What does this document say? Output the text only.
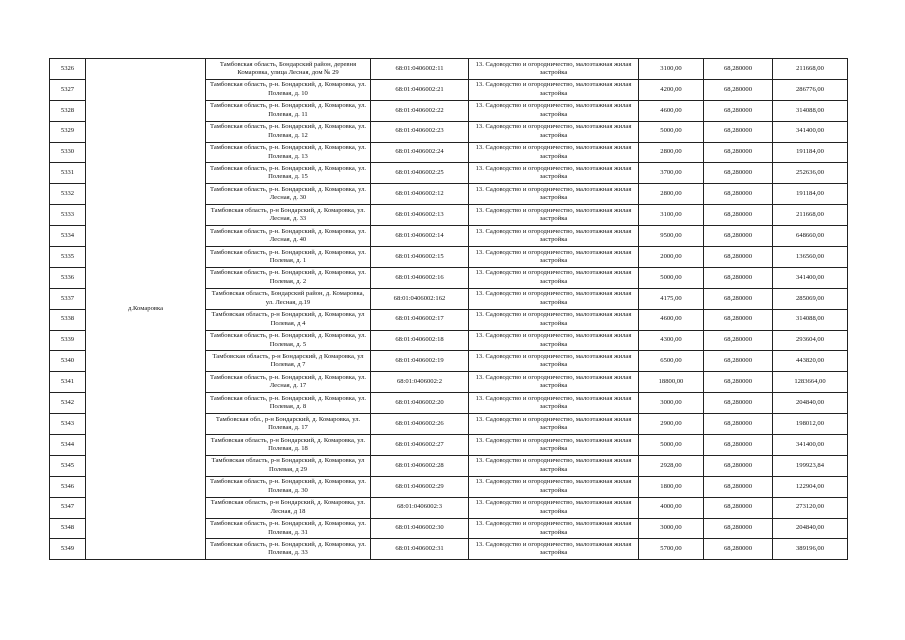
5326	д.Комаровка	Тамбовская область, Бондарский район, деревня Комаровка, улица Лесная, дом № 29	68:01:0406002:11	13. Садоводство и огородничество, малоэтажная жилая застройка	3100,00	68,280000	211668,00
5327		Тамбовская область, р-н. Бондарский, д. Комаровка, ул. Полевая, д. 10	68:01:0406002:21	13. Садоводство и огородничество, малоэтажная жилая застройка	4200,00	68,280000	286776,00
5328		Тамбовская область, р-н. Бондарский, д. Комаровка, ул. Полевая, д. 11	68:01:0406002:22	13. Садоводство и огородничество, малоэтажная жилая застройка	4600,00	68,280000	314088,00
5329		Тамбовская область, р-н. Бондарский, д. Комаровка, ул. Полевая, д. 12	68:01:0406002:23	13. Садоводство и огородничество, малоэтажная жилая застройка	5000,00	68,280000	341400,00
5330		Тамбовская область, р-н. Бондарский, д. Комаровка, ул. Полевая, д. 13	68:01:0406002:24	13. Садоводство и огородничество, малоэтажная жилая застройка	2800,00	68,280000	191184,00
5331		Тамбовская область, р-н. Бондарский, д. Комаровка, ул. Полевая, д. 15	68:01:0406002:25	13. Садоводство и огородничество, малоэтажная жилая застройка	3700,00	68,280000	252636,00
5332		Тамбовская область, р-н. Бондарский, д. Комаровка, ул. Лесная, д. 30	68:01:0406002:12	13. Садоводство и огородничество, малоэтажная жилая застройка	2800,00	68,280000	191184,00
5333		Тамбовская область, р-н Бондарский, д. Комаровка, ул. Лесная, д. 33	68:01:0406002:13	13. Садоводство и огородничество, малоэтажная жилая застройка	3100,00	68,280000	211668,00
5334		Тамбовская область, р-н. Бондарский, д. Комаровка, ул. Лесная, д. 40	68:01:0406002:14	13. Садоводство и огородничество, малоэтажная жилая застройка	9500,00	68,280000	648660,00
5335		Тамбовская область, р-н. Бондарский, д. Комаровка, ул. Полевая, д. 1	68:01:0406002:15	13. Садоводство и огородничество, малоэтажная жилая застройка	2000,00	68,280000	136560,00
5336		Тамбовская область, р-н. Бондарский, д. Комаровка, ул. Полевая, д. 2	68:01:0406002:16	13. Садоводство и огородничество, малоэтажная жилая застройка	5000,00	68,280000	341400,00
5337		Тамбовская область, Бондарский район, д. Комаровка, ул. Лесная, д.19	68:01:0406002:162	13. Садоводство и огородничество, малоэтажная жилая застройка	4175,00	68,280000	285069,00
5338		Тамбовская область, р-н Бондарский, д. Комаровка, ул Полевая, д 4	68:01:0406002:17	13. Садоводство и огородничество, малоэтажная жилая застройка	4600,00	68,280000	314088,00
5339		Тамбовская область, р-н. Бондарский, д. Комаровка, ул. Полевая, д. 5	68:01:0406002:18	13. Садоводство и огородничество, малоэтажная жилая застройка	4300,00	68,280000	293604,00
5340		Тамбовская область, р-н Бондарский, д Комаровка, ул Полевая, д 7	68:01:0406002:19	13. Садоводство и огородничество, малоэтажная жилая застройка	6500,00	68,280000	443820,00
5341		Тамбовская область, р-н. Бондарский, д. Комаровка, ул. Лесная, д. 17	68:01:0406002:2	13. Садоводство и огородничество, малоэтажная жилая застройка	18800,00	68,280000	1283664,00
5342		Тамбовская область, р-н. Бондарский, д. Комаровка, ул. Полевая, д. 8	68:01:0406002:20	13. Садоводство и огородничество, малоэтажная жилая застройка	3000,00	68,280000	204840,00
5343		Тамбовская обл., р-н Бондарский, д. Комаровка, ул. Полевая, д. 17	68:01:0406002:26	13. Садоводство и огородничество, малоэтажная жилая застройка	2900,00	68,280000	198012,00
5344		Тамбовская область, р-н Бондарский, д. Комаровка, ул. Полевая, д. 18	68:01:0406002:27	13. Садоводство и огородничество, малоэтажная жилая застройка	5000,00	68,280000	341400,00
5345		Тамбовская область, р-н Бондарский, д. Комаровка, ул Полевая, д 29	68:01:0406002:28	13. Садоводство и огородничество, малоэтажная жилая застройка	2928,00	68,280000	199923,84
5346		Тамбовская область, р-н. Бондарский, д. Комаровка, ул. Полевая, д. 30	68:01:0406002:29	13. Садоводство и огородничество, малоэтажная жилая застройка	1800,00	68,280000	122904,00
5347		Тамбовская область, р-н Бондарский, д. Комаровка, ул. Лесная, д 18	68:01:0406002:3	13. Садоводство и огородничество, малоэтажная жилая застройка	4000,00	68,280000	273120,00
5348		Тамбовская область, р-н. Бондарский, д. Комаровка, ул. Полевая, д. 31	68:01:0406002:30	13. Садоводство и огородничество, малоэтажная жилая застройка	3000,00	68,280000	204840,00
5349		Тамбовская область, р-н. Бондарский, д. Комаровка, ул. Полевая, д. 33	68:01:0406002:31	13. Садоводство и огородничество, малоэтажная жилая застройка	5700,00	68,280000	389196,00
